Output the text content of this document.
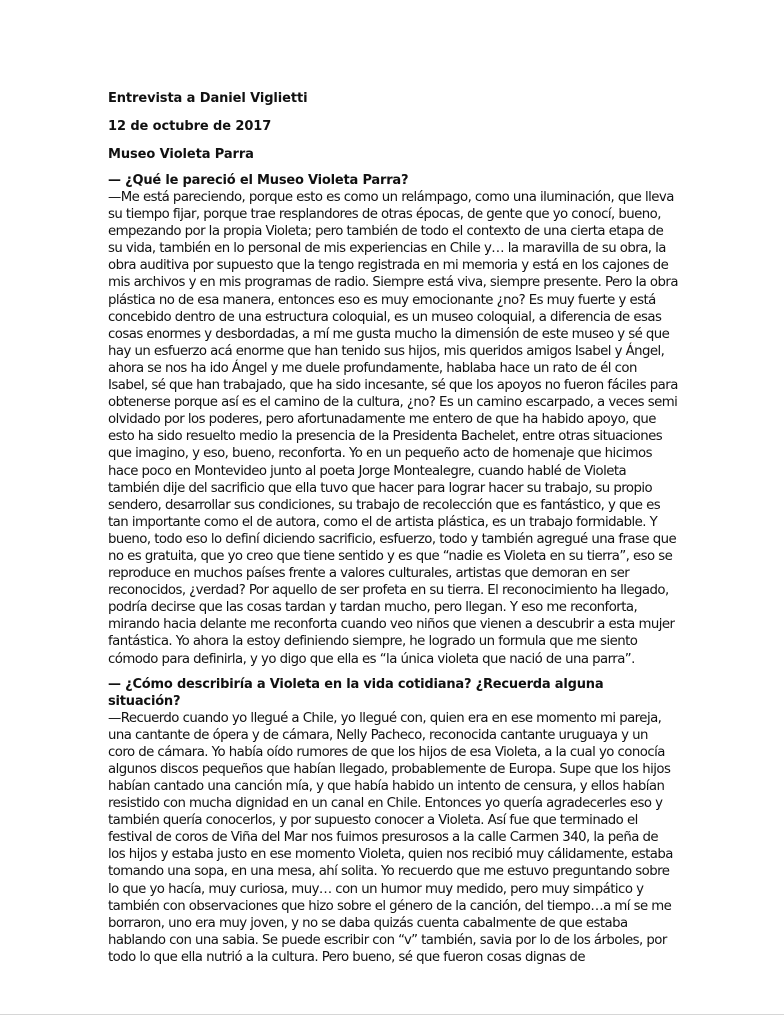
Entrevista a Daniel Viglietti

12 de octubre de 2017

Museo Violeta Parra

— ¿Qué le pareció el Museo Violeta Parra?

—Me está pareciendo, porque esto es como un relámpago, como una iluminación, que lleva su tiempo fijar, porque trae resplandores de otras épocas, de gente que yo conocí, bueno, empezando por la propia Violeta; pero también de todo el contexto de una cierta etapa de su vida, también en lo personal de mis experiencias en Chile y… la maravilla de su obra, la obra auditiva por supuesto que la tengo registrada en mi memoria y está en los cajones de mis archivos y en mis programas de radio. Siempre está viva, siempre presente. Pero la obra plástica no de esa manera, entonces eso es muy emocionante ¿no? Es muy fuerte y está concebido dentro de una estructura coloquial, es un museo coloquial, a diferencia de esas cosas enormes y desbordadas, a mí me gusta mucho la dimensión de este museo y sé que hay un esfuerzo acá enorme que han tenido sus hijos, mis queridos amigos Isabel y Ángel, ahora se nos ha ido Ángel y me duele profundamente, hablaba hace un rato de él con Isabel, sé que han trabajado, que ha sido incesante, sé que los apoyos no fueron fáciles para obtenerse porque así es el camino de la cultura, ¿no? Es un camino escarpado, a veces semi olvidado por los poderes, pero afortunadamente me entero de que ha habido apoyo, que esto ha sido resuelto medio la presencia de la Presidenta Bachelet, entre otras situaciones que imagino, y eso, bueno, reconforta. Yo en un pequeño acto de homenaje que hicimos hace poco en Montevideo junto al poeta Jorge Montealegre, cuando hablé de Violeta también dije del sacrificio que ella tuvo que hacer para lograr hacer su trabajo, su propio sendero, desarrollar sus condiciones, su trabajo de recolección que es fantástico, y que es tan importante como el de autora, como el de artista plástica, es un trabajo formidable. Y bueno, todo eso lo definí diciendo sacrificio, esfuerzo, todo y también agregué una frase que no es gratuita, que yo creo que tiene sentido y es que “nadie es Violeta en su tierra”, eso se reproduce en muchos países frente a valores culturales, artistas que demoran en ser reconocidos, ¿verdad? Por aquello de ser profeta en su tierra. El reconocimiento ha llegado, podría decirse que las cosas tardan y tardan mucho, pero llegan. Y eso me reconforta, mirando hacia delante me reconforta cuando veo niños que vienen a descubrir a esta mujer fantástica. Yo ahora la estoy definiendo siempre, he logrado un formula que me siento cómodo para definirla, y yo digo que ella es “la única violeta que nació de una parra”.

— ¿Cómo describiría a Violeta en la vida cotidiana? ¿Recuerda alguna situación?

—Recuerdo cuando yo llegué a Chile, yo llegué con, quien era en ese momento mi pareja, una cantante de ópera y de cámara, Nelly Pacheco, reconocida cantante uruguaya y un coro de cámara. Yo había oído rumores de que los hijos de esa Violeta, a la cual yo conocía algunos discos pequeños que habían llegado, probablemente de Europa. Supe que los hijos habían cantado una canción mía, y que había habido un intento de censura, y ellos habían resistido con mucha dignidad en un canal en Chile. Entonces yo quería agradecerles eso y también quería conocerlos, y por supuesto conocer a Violeta. Así fue que terminado el festival de coros de Viña del Mar nos fuimos presurosos a la calle Carmen 340, la peña de los hijos y estaba justo en ese momento Violeta, quien nos recibió muy cálidamente, estaba tomando una sopa, en una mesa, ahí solita. Yo recuerdo que me estuvo preguntando sobre lo que yo hacía, muy curiosa, muy… con un humor muy medido, pero muy simpático y también con observaciones que hizo sobre el género de la canción, del tiempo…a mí se me borraron, uno era muy joven, y no se daba quizás cuenta cabalmente de que estaba hablando con una sabia. Se puede escribir con “v” también, savia por lo de los árboles, por todo lo que ella nutrió a la cultura. Pero bueno, sé que fueron cosas dignas de
